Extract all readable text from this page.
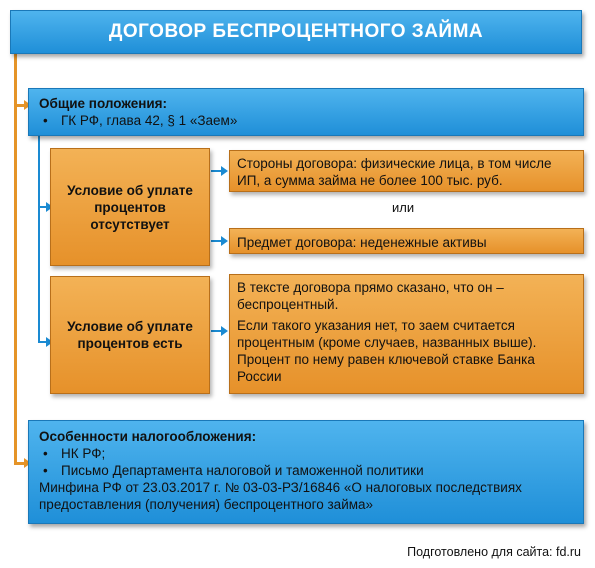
ДОГОВОР БЕСПРОЦЕНТНОГО ЗАЙМА
Общие положения:
• ГК РФ, глава 42, § 1 «Заем»
Условие об уплате процентов отсутствует
Стороны договора: физические лица, в том числе ИП, а сумма займа не более 100 тыс. руб.
или
Предмет договора: неденежные активы
Условие об уплате процентов есть
В тексте договора прямо сказано, что он – беспроцентный.
Если такого указания нет, то заем считается процентным (кроме случаев, названных выше). Процент по нему равен ключевой ставке Банка России
Особенности налогообложения:
• НК РФ;
• Письмо Департамента налоговой и таможенной политики
Минфина РФ от 23.03.2017 г. № 03-03-РЗ/16846 «О налоговых последствиях предоставления (получения) беспроцентного займа»
Подготовлено для сайта: fd.ru
